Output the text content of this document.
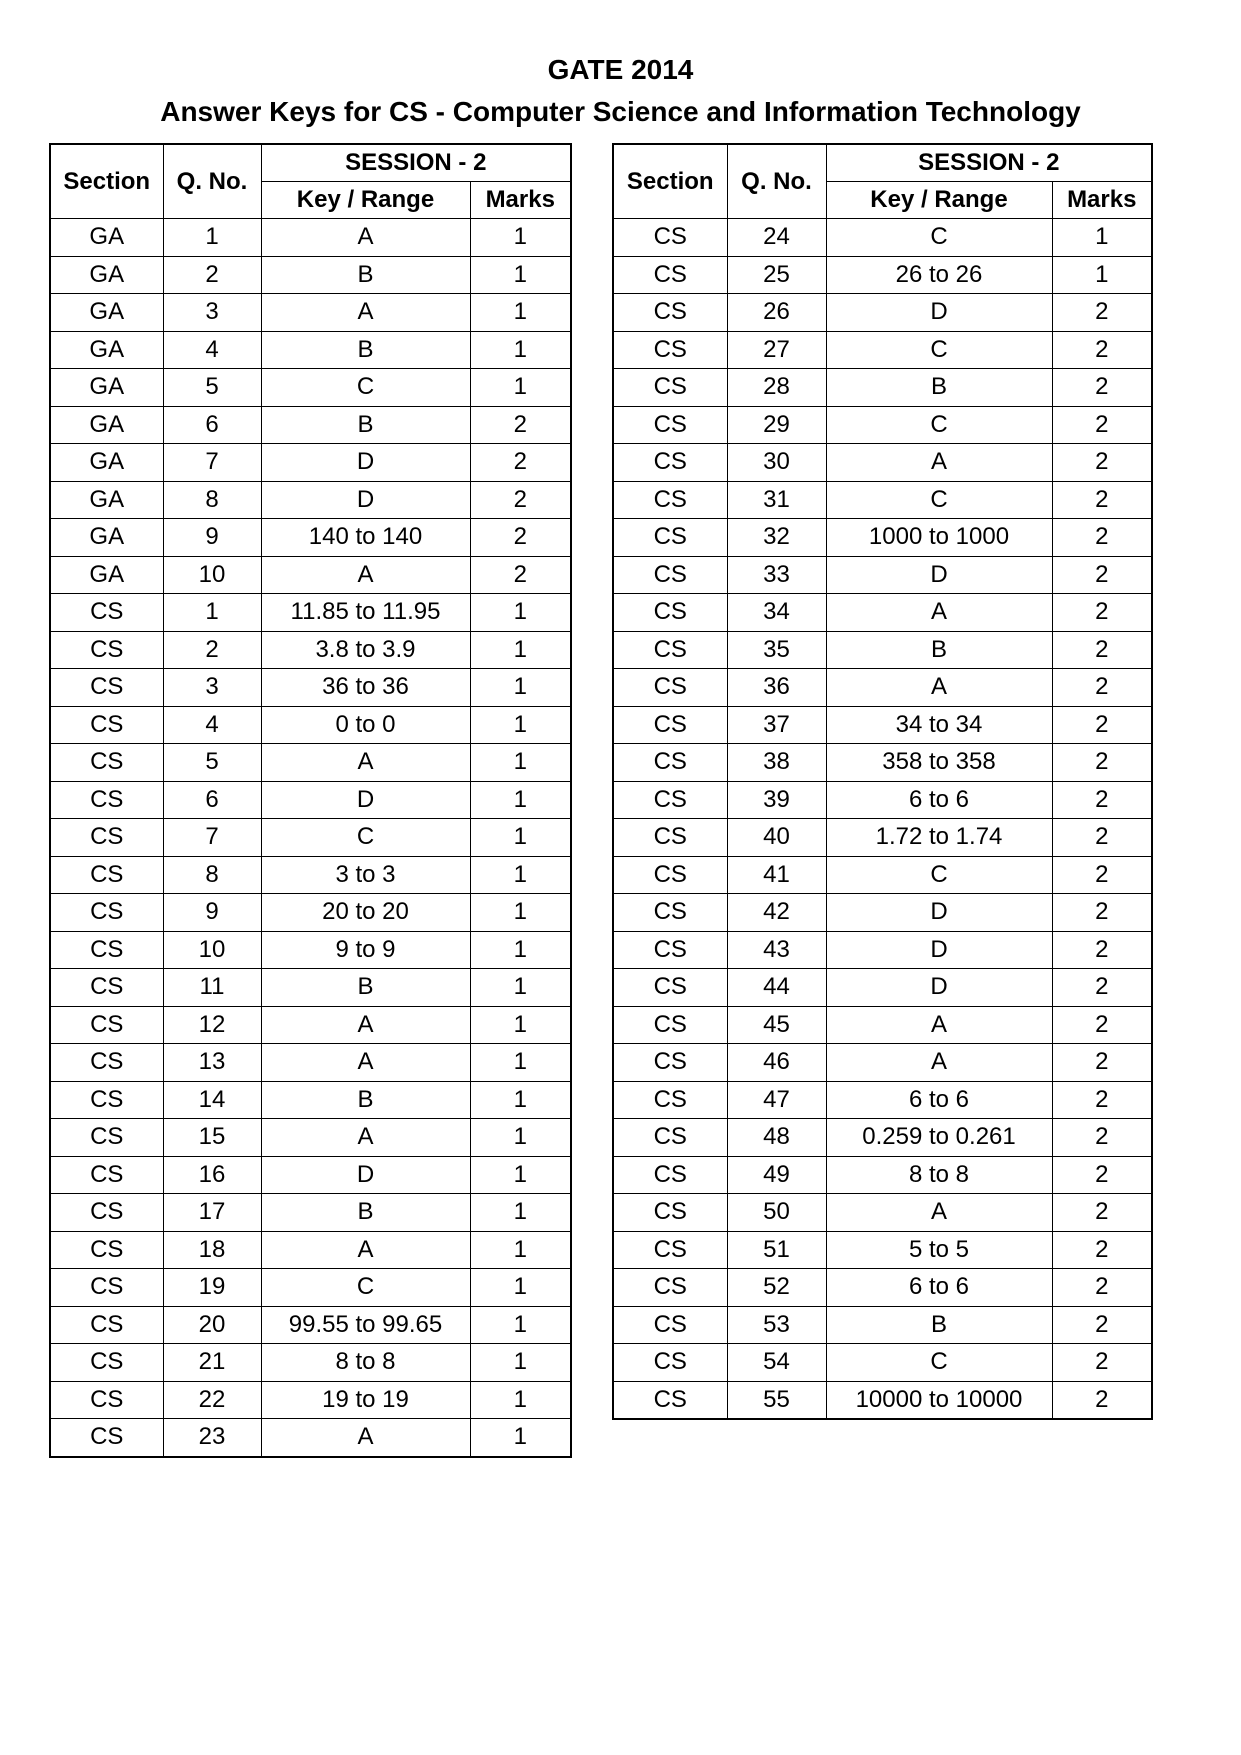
GATE 2014
Answer Keys for CS - Computer Science and Information Technology
Section	Q. No.	SESSION - 2	
		Key / Range	Marks
GA	1	A	1
GA	2	B	1
GA	3	A	1
GA	4	B	1
GA	5	C	1
GA	6	B	2
GA	7	D	2
GA	8	D	2
GA	9	140 to 140	2
GA	10	A	2
CS	1	11.85 to 11.95	1
CS	2	3.8 to 3.9	1
CS	3	36 to 36	1
CS	4	0 to 0	1
CS	5	A	1
CS	6	D	1
CS	7	C	1
CS	8	3 to 3	1
CS	9	20 to 20	1
CS	10	9 to 9	1
CS	11	B	1
CS	12	A	1
CS	13	A	1
CS	14	B	1
CS	15	A	1
CS	16	D	1
CS	17	B	1
CS	18	A	1
CS	19	C	1
CS	20	99.55 to 99.65	1
CS	21	8 to 8	1
CS	22	19 to 19	1
CS	23	A	1
Section	Q. No.	SESSION - 2	
		Key / Range	Marks
CS	24	C	1
CS	25	26 to 26	1
CS	26	D	2
CS	27	C	2
CS	28	B	2
CS	29	C	2
CS	30	A	2
CS	31	C	2
CS	32	1000 to 1000	2
CS	33	D	2
CS	34	A	2
CS	35	B	2
CS	36	A	2
CS	37	34 to 34	2
CS	38	358 to 358	2
CS	39	6 to 6	2
CS	40	1.72 to 1.74	2
CS	41	C	2
CS	42	D	2
CS	43	D	2
CS	44	D	2
CS	45	A	2
CS	46	A	2
CS	47	6 to 6	2
CS	48	0.259 to 0.261	2
CS	49	8 to 8	2
CS	50	A	2
CS	51	5 to 5	2
CS	52	6 to 6	2
CS	53	B	2
CS	54	C	2
CS	55	10000 to 10000	2
